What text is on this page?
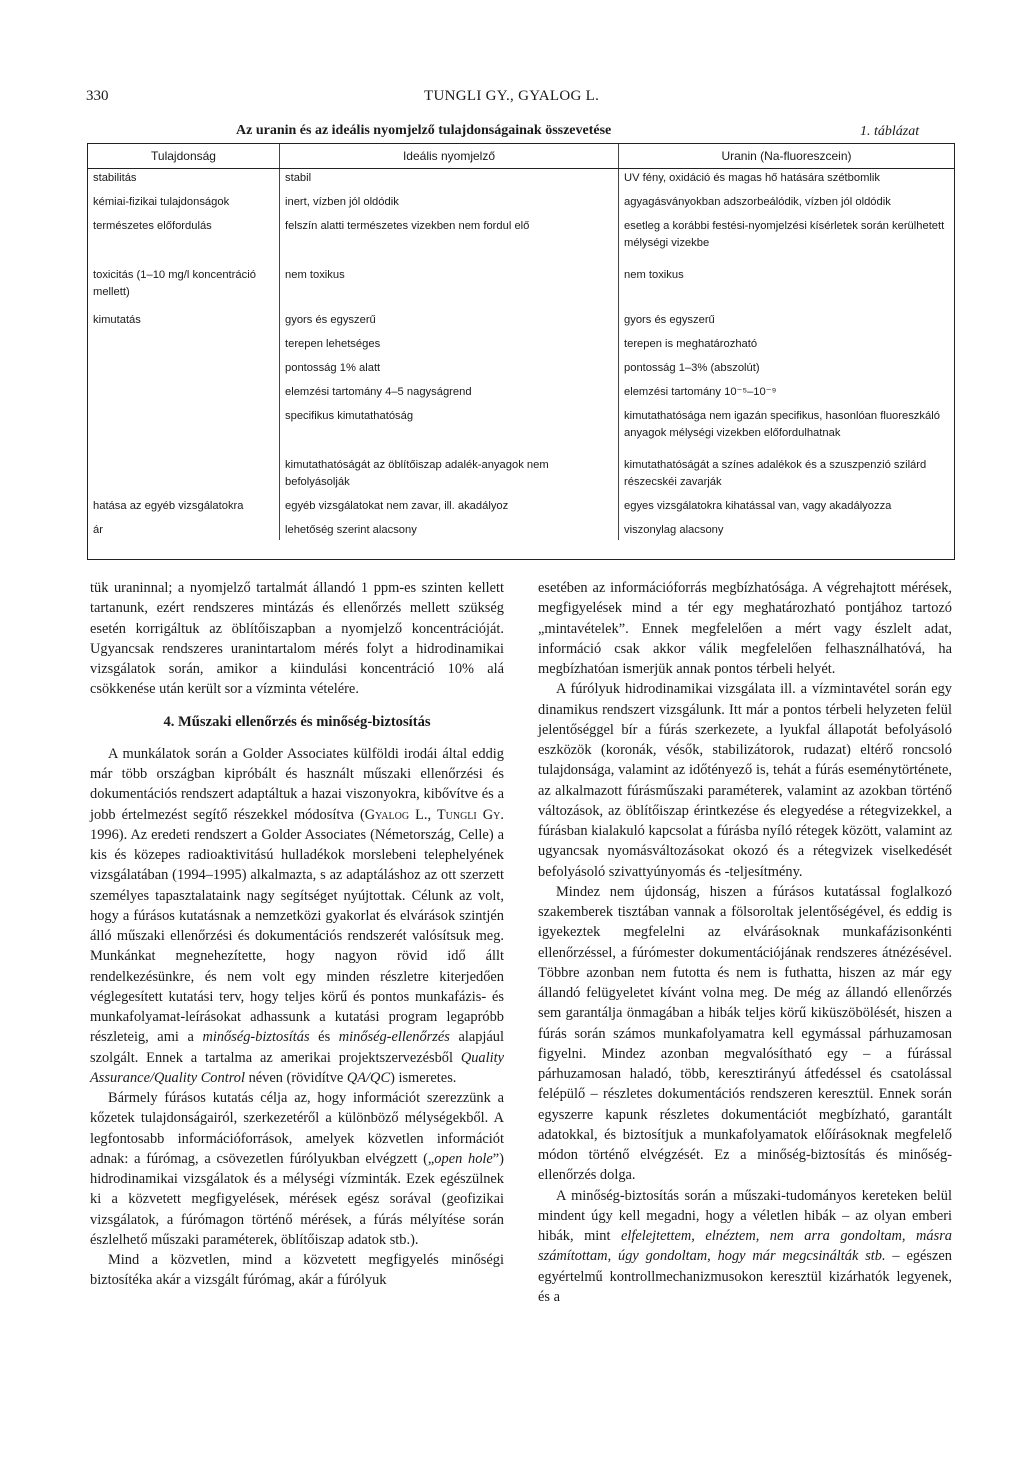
330	TUNGLI GY., GYALOG L.
Az uranin és az ideális nyomjelző tulajdonságainak összevetése	1. táblázat
Tulajdonság	Ideális nyomjelző	Uranin (Na-fluoreszcein)
stabilitás	stabil	UV fény, oxidáció és magas hő hatására szétbomlik
kémiai-fizikai tulajdonságok	inert, vízben jól oldódik	agyagásványokban adszorbeálódik, vízben jól oldódik
természetes előfordulás	felszín alatti természetes vizekben nem fordul elő	esetleg a korábbi festési-nyomjelzési kísérletek során kerülhetett mélységi vizekbe
toxicitás (1–10 mg/l koncentráció mellett)	nem toxikus	nem toxikus
kimutatás	gyors és egyszerű	gyors és egyszerű
	terepen lehetséges	terepen is meghatározható
	pontosság 1% alatt	pontosság 1–3% (abszolút)
	elemzési tartomány 4–5 nagyságrend	elemzési tartomány 10⁻⁵–10⁻⁹
	specifikus kimutathatóság	kimutathatósága nem igazán specifikus, hasonlóan fluoreszkáló anyagok mélységi vizekben előfordulhatnak
	kimutathatóságát az öblítőiszap adalék-anyagok nem befolyásolják	kimutathatóságát a színes adalékok és a szuszpenzió szilárd részecskéi zavarják
hatása az egyéb vizsgálatokra	egyéb vizsgálatokat nem zavar, ill. akadályoz	egyes vizsgálatokra kihatással van, vagy akadályozza
ár	lehetőség szerint alacsony	viszonylag alacsony

tük uraninnal; a nyomjelző tartalmát állandó 1 ppm-es szinten kellett tartanunk, ezért rendszeres mintázás és ellenőrzés mellett szükség esetén korrigáltuk az öblítőiszapban a nyomjelző koncentrációját. Ugyancsak rendszeres uranintartalom mérés folyt a hidrodinamikai vizsgálatok során, amikor a kiindulási koncentráció 10% alá csökkenése után került sor a vízminta vételére.

4. Műszaki ellenőrzés és minőség-biztosítás

A munkálatok során a Golder Associates külföldi irodái által eddig már több országban kipróbált és használt műszaki ellenőrzési és dokumentációs rendszert adaptáltuk a hazai viszonyokra, kibővítve és a jobb értelmezést segítő részekkel módosítva (Gyalog L., Tungli Gy. 1996). Az eredeti rendszert a Golder Associates (Németország, Celle) a kis és közepes radioaktivitású hulladékok morslebeni telephelyének vizsgálatában (1994–1995) alkalmazta, s az adaptáláshoz az ott szerzett személyes tapasztalataink nagy segítséget nyújtottak. Célunk az volt, hogy a fúrásos kutatásnak a nemzetközi gyakorlat és elvárások szintjén álló műszaki ellenőrzési és dokumentációs rendszerét valósítsuk meg. Munkánkat megnehezítette, hogy nagyon rövid idő állt rendelkezésünkre, és nem volt egy minden részletre kiterjedően véglegesített kutatási terv, hogy teljes körű és pontos munkafázis- és munkafolyamat-leírásokat adhassunk a kutatási program legapróbb részleteig, ami a minőség-biztosítás és minőség-ellenőrzés alapjául szolgált. Ennek a tartalma az amerikai projektszervezésből Quality Assurance/Quality Control néven (rövidítve QA/QC) ismeretes.

Bármely fúrásos kutatás célja az, hogy információt szerezzünk a kőzetek tulajdonságairól, szerkezetéről a különböző mélységekből. A legfontosabb információforrások, amelyek közvetlen információt adnak: a fúrómag, a csövezetlen fúrólyukban elvégzett („open hole”) hidrodinamikai vizsgálatok és a mélységi vízminták. Ezek egészülnek ki a közvetett megfigyelések, mérések egész sorával (geofizikai vizsgálatok, a fúrómagon történő mérések, a fúrás mélyítése során észlelhető műszaki paraméterek, öblítőiszap adatok stb.).

Mind a közvetlen, mind a közvetett megfigyelés minőségi biztosítéka akár a vizsgált fúrómag, akár a fúrólyuk

esetében az információforrás megbízhatósága. A végrehajtott mérések, megfigyelések mind a tér egy meghatározható pontjához tartozó „mintavételek”. Ennek megfelelően a mért vagy észlelt adat, információ csak akkor válik megfelelően felhasználhatóvá, ha megbízhatóan ismerjük annak pontos térbeli helyét.

A fúrólyuk hidrodinamikai vizsgálata ill. a vízmintavétel során egy dinamikus rendszert vizsgálunk. Itt már a pontos térbeli helyzeten felül jelentőséggel bír a fúrás szerkezete, a lyukfal állapotát befolyásoló eszközök (koronák, vésők, stabilizátorok, rudazat) eltérő roncsoló tulajdonsága, valamint az időtényező is, tehát a fúrás eseménytörténete, az alkalmazott fúrásműszaki paraméterek, valamint az azokban történő változások, az öblítőiszap érintkezése és elegyedése a rétegvizekkel, a fúrásban kialakuló kapcsolat a fúrásba nyíló rétegek között, valamint az ugyancsak nyomásváltozásokat okozó és a rétegvizek viselkedését befolyásoló szivattyúnyomás és -teljesítmény.

Mindez nem újdonság, hiszen a fúrásos kutatással foglalkozó szakemberek tisztában vannak a fölsoroltak jelentőségével, és eddig is igyekeztek megfelelni az elvárásoknak munkafázisonkénti ellenőrzéssel, a fúrómester dokumentációjának rendszeres átnézésével. Többre azonban nem futotta és nem is futhatta, hiszen az már egy állandó felügyeletet kívánt volna meg. De még az állandó ellenőrzés sem garantálja önmagában a hibák teljes körű kiküszöbölését, hiszen a fúrás során számos munkafolyamatra kell egymással párhuzamosan figyelni. Mindez azonban megvalósítható egy – a fúrással párhuzamosan haladó, több, keresztirányú átfedéssel és csatolással felépülő – részletes dokumentációs rendszeren keresztül. Ennek során egyszerre kapunk részletes dokumentációt megbízható, garantált adatokkal, és biztosítjuk a munkafolyamatok előírásoknak megfelelő módon történő elvégzését. Ez a minőség-biztosítás és minőség-ellenőrzés dolga.

A minőség-biztosítás során a műszaki-tudományos kereteken belül mindent úgy kell megadni, hogy a véletlen hibák – az olyan emberi hibák, mint elfelejtettem, elnéztem, nem arra gondoltam, másra számítottam, úgy gondoltam, hogy már megcsinálták stb. – egészen egyértelmű kontrollmechanizmusokon keresztül kizárhatók legyenek, és a
